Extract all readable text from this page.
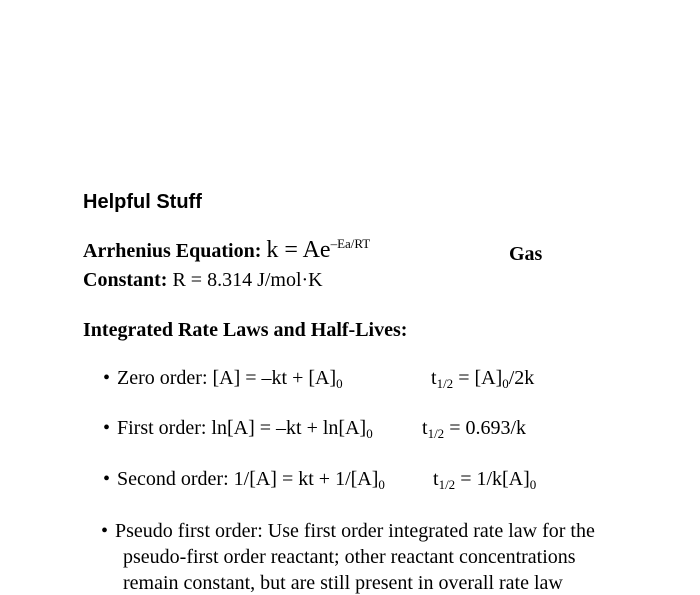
Helpful Stuff
Arrhenius Equation: $k = Ae^{-Ea/RT}$	Gas
Constant: R = 8.314 J/mol·K
Integrated Rate Laws and Half-Lives:
• Zero order: $[A] = -kt + [A]_0$	$t_{1/2} = [A]_0/2k$
• First order: $\ln[A] = -kt + \ln[A]_0$ $t_{1/2} = 0.693/k$
• Second order: 1/[A] = kt + $1/[A]_0$ $t_{1/2} = 1/k[A]_0$
• Pseudo first order: Use first order integrated rate law for the
pseudo-first order reactant; other reactant concentrations
remain constant, but are still present in overall rate law
